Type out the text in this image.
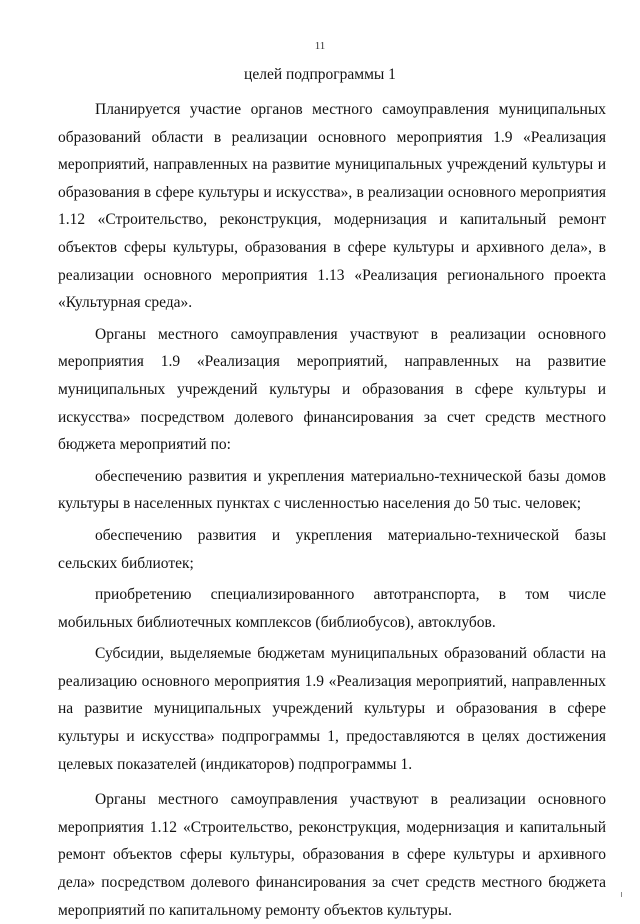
11
целей подпрограммы 1

Планируется участие органов местного самоуправления муниципальных образований области в реализации основного мероприятия 1.9 «Реализация мероприятий, направленных на развитие муниципальных учреждений культуры и образования в сфере культуры и искусства», в реализации основного мероприятия 1.12 «Строительство, реконструкция, модернизация и капитальный ремонт объектов сферы культуры, образования в сфере культуры и архивного дела», в реализации основного мероприятия 1.13 «Реализация регионального проекта «Культурная среда».

Органы местного самоуправления участвуют в реализации основного мероприятия 1.9 «Реализация мероприятий, направленных на развитие муниципальных учреждений культуры и образования в сфере культуры и искусства» посредством долевого финансирования за счет средств местного бюджета мероприятий по:

обеспечению развития и укрепления материально-технической базы домов культуры в населенных пунктах с численностью населения до 50 тыс. человек;

обеспечению развития и укрепления материально-технической базы сельских библиотек;

приобретению специализированного автотранспорта, в том числе мобильных библиотечных комплексов (библиобусов), автоклубов.

Субсидии, выделяемые бюджетам муниципальных образований области на реализацию основного мероприятия 1.9 «Реализация мероприятий, направленных на развитие муниципальных учреждений культуры и образования в сфере культуры и искусства» подпрограммы 1, предоставляются в целях достижения целевых показателей (индикаторов) подпрограммы 1.

Органы местного самоуправления участвуют в реализации основного мероприятия 1.12 «Строительство, реконструкция, модернизация и капитальный ремонт объектов сферы культуры, образования в сфере культуры и архивного дела» посредством долевого финансирования за счет средств местного бюджета мероприятий по капитальному ремонту объектов культуры.
